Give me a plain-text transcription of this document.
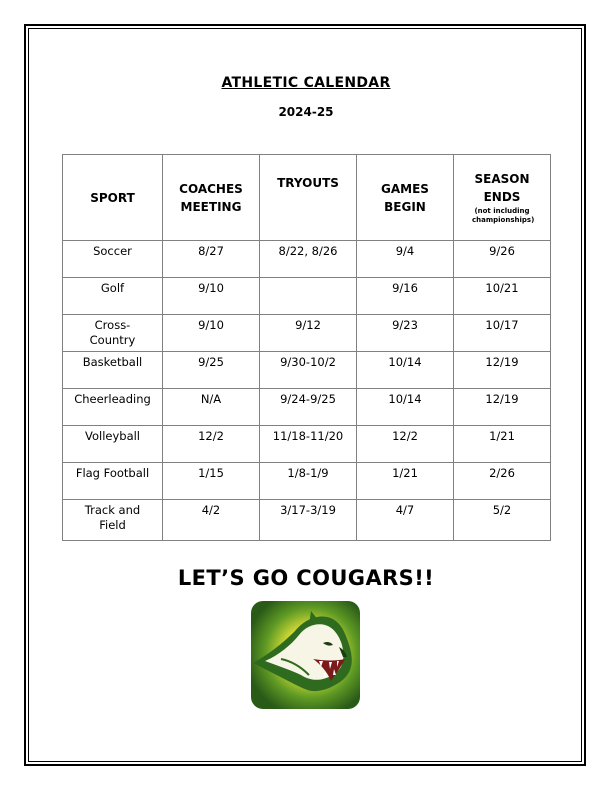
ATHLETIC CALENDAR
2024-25
SPORT	COACHES MEETING	TRYOUTS	GAMES BEGIN	SEASON ENDS
(not including championships)

Soccer	8/27	8/22, 8/26	9/4	9/26
Golf	9/10		9/16	10/21
Cross-Country	9/10	9/12	9/23	10/17
Basketball	9/25	9/30-10/2	10/14	12/19
Cheerleading	N/A	9/24-9/25	10/14	12/19
Volleyball	12/2	11/18-11/20	12/2	1/21
Flag Football	1/15	1/8-1/9	1/21	2/26
Track and Field	4/2	3/17-3/19	4/7	5/2
LET’S GO COUGARS!!
